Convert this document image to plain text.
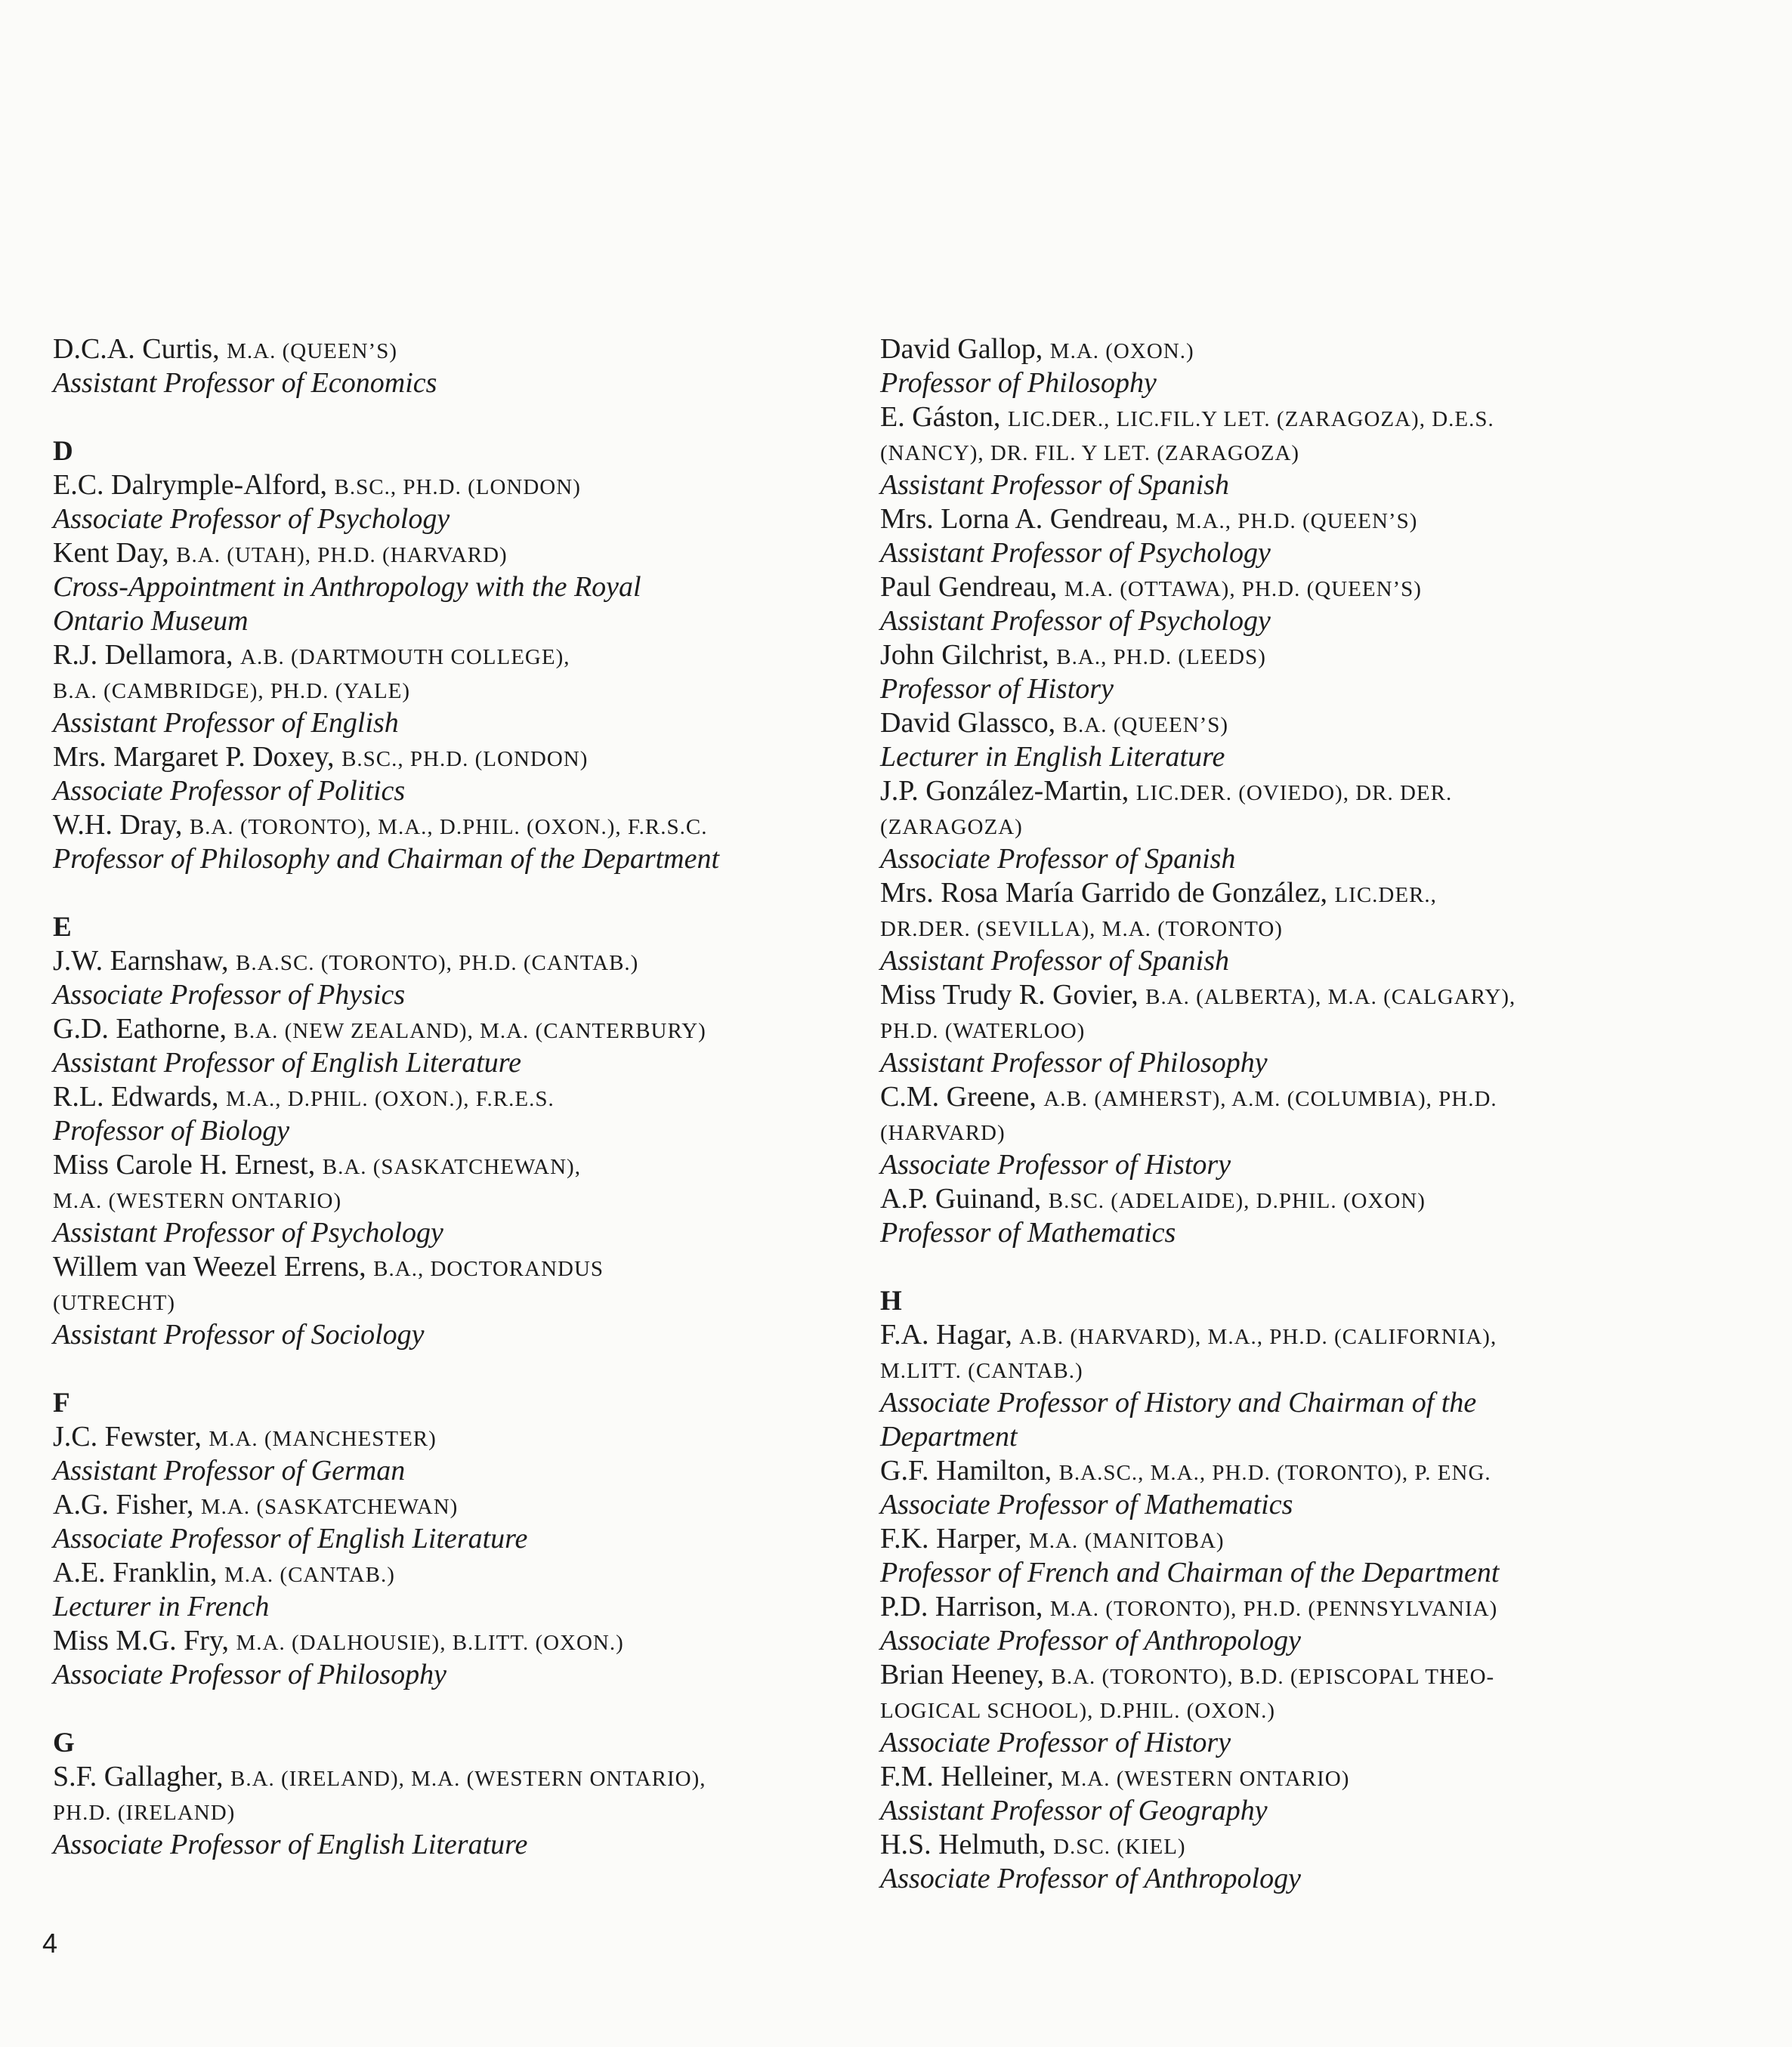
D.C.A. Curtis, M.A. (QUEEN’S)
Assistant Professor of Economics
D
E.C. Dalrymple-Alford, B.SC., PH.D. (LONDON)
Associate Professor of Psychology
Kent Day, B.A. (UTAH), PH.D. (HARVARD)
Cross-Appointment in Anthropology with the Royal
Ontario Museum
R.J. Dellamora, A.B. (DARTMOUTH COLLEGE),
B.A. (CAMBRIDGE), PH.D. (YALE)
Assistant Professor of English
Mrs. Margaret P. Doxey, B.SC., PH.D. (LONDON)
Associate Professor of Politics
W.H. Dray, B.A. (TORONTO), M.A., D.PHIL. (OXON.), F.R.S.C.
Professor of Philosophy and Chairman of the Department
E
J.W. Earnshaw, B.A.SC. (TORONTO), PH.D. (CANTAB.)
Associate Professor of Physics
G.D. Eathorne, B.A. (NEW ZEALAND), M.A. (CANTERBURY)
Assistant Professor of English Literature
R.L. Edwards, M.A., D.PHIL. (OXON.), F.R.E.S.
Professor of Biology
Miss Carole H. Ernest, B.A. (SASKATCHEWAN),
M.A. (WESTERN ONTARIO)
Assistant Professor of Psychology
Willem van Weezel Errens, B.A., DOCTORANDUS
(UTRECHT)
Assistant Professor of Sociology
F
J.C. Fewster, M.A. (MANCHESTER)
Assistant Professor of German
A.G. Fisher, M.A. (SASKATCHEWAN)
Associate Professor of English Literature
A.E. Franklin, M.A. (CANTAB.)
Lecturer in French
Miss M.G. Fry, M.A. (DALHOUSIE), B.LITT. (OXON.)
Associate Professor of Philosophy
G
S.F. Gallagher, B.A. (IRELAND), M.A. (WESTERN ONTARIO),
PH.D. (IRELAND)
Associate Professor of English Literature
David Gallop, M.A. (OXON.)
Professor of Philosophy
E. Gáston, LIC.DER., LIC.FIL.Y LET. (ZARAGOZA), D.E.S.
(NANCY), DR. FIL. Y LET. (ZARAGOZA)
Assistant Professor of Spanish
Mrs. Lorna A. Gendreau, M.A., PH.D. (QUEEN’S)
Assistant Professor of Psychology
Paul Gendreau, M.A. (OTTAWA), PH.D. (QUEEN’S)
Assistant Professor of Psychology
John Gilchrist, B.A., PH.D. (LEEDS)
Professor of History
David Glassco, B.A. (QUEEN’S)
Lecturer in English Literature
J.P. González-Martin, LIC.DER. (OVIEDO), DR. DER.
(ZARAGOZA)
Associate Professor of Spanish
Mrs. Rosa María Garrido de González, LIC.DER.,
DR.DER. (SEVILLA), M.A. (TORONTO)
Assistant Professor of Spanish
Miss Trudy R. Govier, B.A. (ALBERTA), M.A. (CALGARY),
PH.D. (WATERLOO)
Assistant Professor of Philosophy
C.M. Greene, A.B. (AMHERST), A.M. (COLUMBIA), PH.D.
(HARVARD)
Associate Professor of History
A.P. Guinand, B.SC. (ADELAIDE), D.PHIL. (OXON)
Professor of Mathematics
H
F.A. Hagar, A.B. (HARVARD), M.A., PH.D. (CALIFORNIA),
M.LITT. (CANTAB.)
Associate Professor of History and Chairman of the
Department
G.F. Hamilton, B.A.SC., M.A., PH.D. (TORONTO), P. ENG.
Associate Professor of Mathematics
F.K. Harper, M.A. (MANITOBA)
Professor of French and Chairman of the Department
P.D. Harrison, M.A. (TORONTO), PH.D. (PENNSYLVANIA)
Associate Professor of Anthropology
Brian Heeney, B.A. (TORONTO), B.D. (EPISCOPAL THEO-
LOGICAL SCHOOL), D.PHIL. (OXON.)
Associate Professor of History
F.M. Helleiner, M.A. (WESTERN ONTARIO)
Assistant Professor of Geography
H.S. Helmuth, D.SC. (KIEL)
Associate Professor of Anthropology
4
